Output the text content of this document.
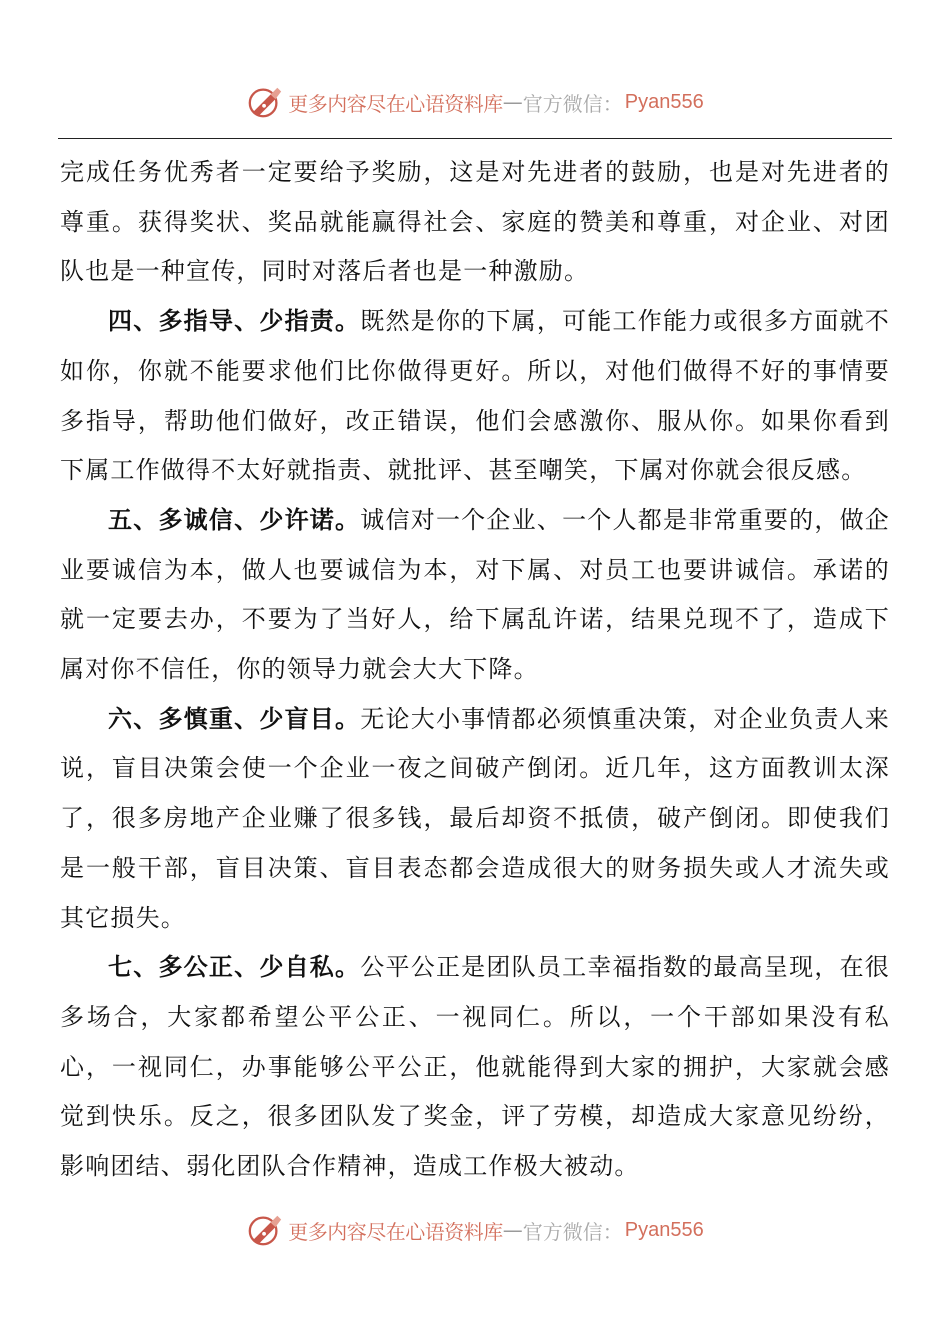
更多内容尽在心语资料库 — 官方微信： Pyan556

完成任务优秀者一定要给予奖励，这是对先进者的鼓励，也是对先进者的尊重。获得奖状、奖品就能赢得社会、家庭的赞美和尊重，对企业、对团队也是一种宣传，同时对落后者也是一种激励。

四、多指导、少指责。既然是你的下属，可能工作能力或很多方面就不如你，你就不能要求他们比你做得更好。所以，对他们做得不好的事情要多指导，帮助他们做好，改正错误，他们会感激你、服从你。如果你看到下属工作做得不太好就指责、就批评、甚至嘲笑，下属对你就会很反感。

五、多诚信、少许诺。诚信对一个企业、一个人都是非常重要的，做企业要诚信为本，做人也要诚信为本，对下属、对员工也要讲诚信。承诺的就一定要去办，不要为了当好人，给下属乱许诺，结果兑现不了，造成下属对你不信任，你的领导力就会大大下降。

六、多慎重、少盲目。无论大小事情都必须慎重决策，对企业负责人来说，盲目决策会使一个企业一夜之间破产倒闭。近几年，这方面教训太深了，很多房地产企业赚了很多钱，最后却资不抵债，破产倒闭。即使我们是一般干部，盲目决策、盲目表态都会造成很大的财务损失或人才流失或其它损失。

七、多公正、少自私。公平公正是团队员工幸福指数的最高呈现，在很多场合，大家都希望公平公正、一视同仁。所以，一个干部如果没有私心，一视同仁，办事能够公平公正，他就能得到大家的拥护，大家就会感觉到快乐。反之，很多团队发了奖金，评了劳模，却造成大家意见纷纷，影响团结、弱化团队合作精神，造成工作极大被动。

更多内容尽在心语资料库 — 官方微信： Pyan556
